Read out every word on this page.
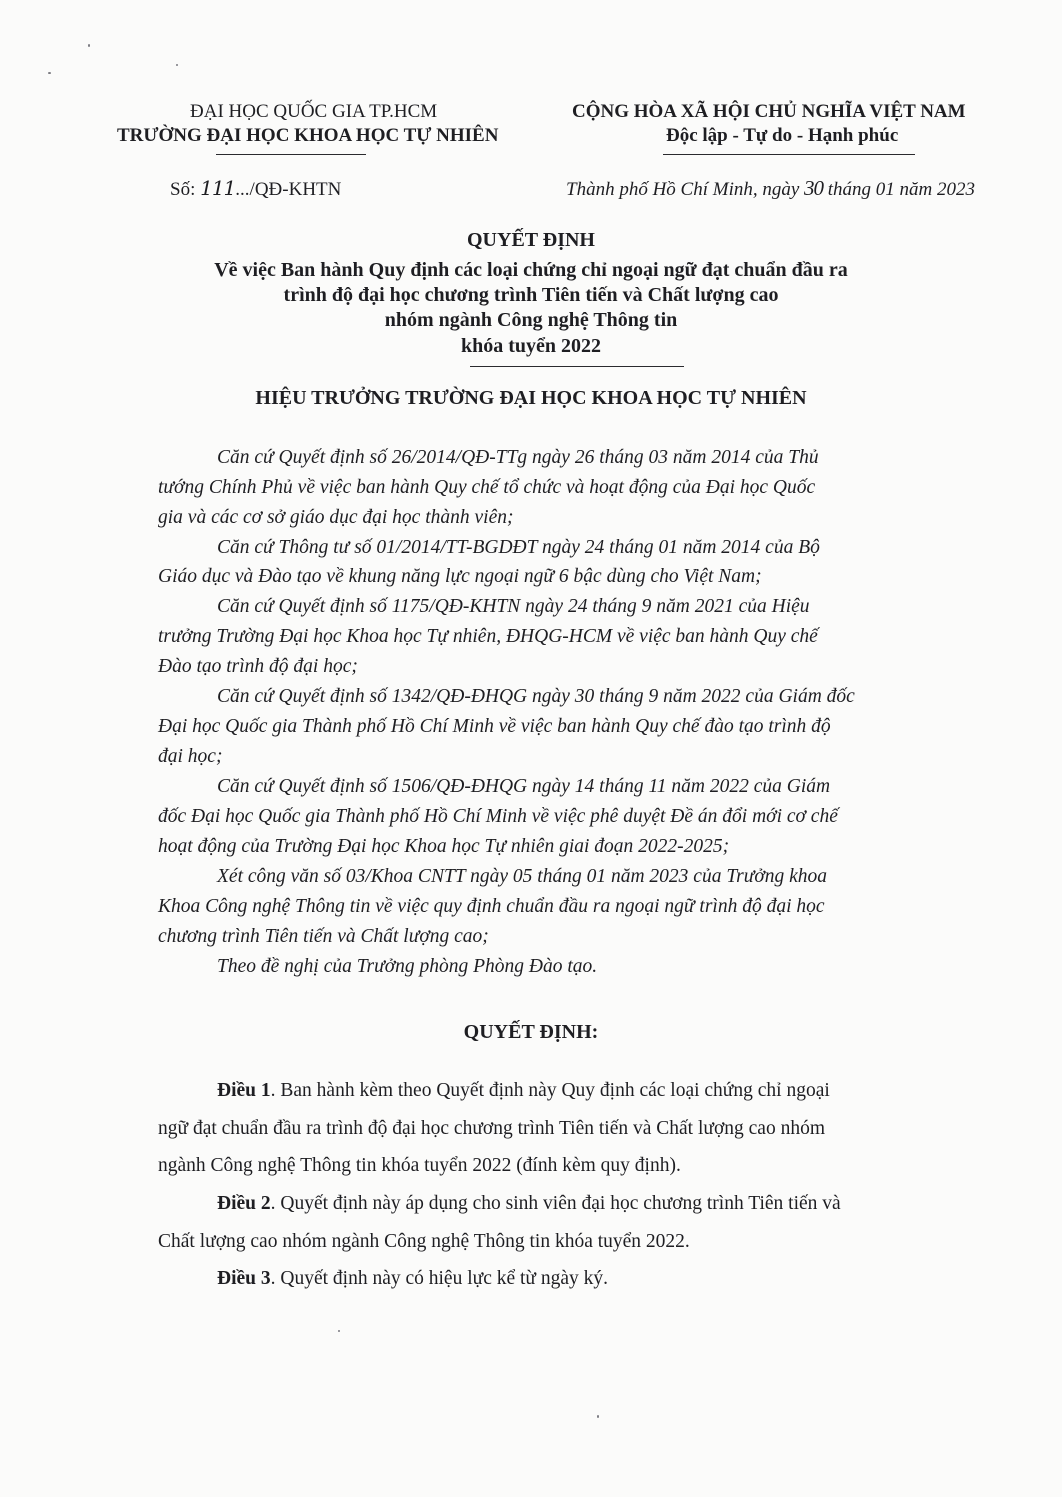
ĐẠI HỌC QUỐC GIA TP.HCM
TRƯỜNG ĐẠI HỌC KHOA HỌC TỰ NHIÊN
CỘNG HÒA XÃ HỘI CHỦ NGHĨA VIỆT NAM
Độc lập - Tự do - Hạnh phúc
Số: 111.../QĐ-KHTN	Thành phố Hồ Chí Minh, ngày 30 tháng 01 năm 2023
QUYẾT ĐỊNH
Về việc Ban hành Quy định các loại chứng chỉ ngoại ngữ đạt chuẩn đầu ra
trình độ đại học chương trình Tiên tiến và Chất lượng cao
nhóm ngành Công nghệ Thông tin
khóa tuyển 2022
HIỆU TRƯỞNG TRƯỜNG ĐẠI HỌC KHOA HỌC TỰ NHIÊN
Căn cứ Quyết định số 26/2014/QĐ-TTg ngày 26 tháng 03 năm 2014 của Thủ
tướng Chính Phủ về việc ban hành Quy chế tổ chức và hoạt động của Đại học Quốc
gia và các cơ sở giáo dục đại học thành viên;
Căn cứ Thông tư số 01/2014/TT-BGDĐT ngày 24 tháng 01 năm 2014 của Bộ
Giáo dục và Đào tạo về khung năng lực ngoại ngữ 6 bậc dùng cho Việt Nam;
Căn cứ Quyết định số 1175/QĐ-KHTN ngày 24 tháng 9 năm 2021 của Hiệu
trưởng Trường Đại học Khoa học Tự nhiên, ĐHQG-HCM về việc ban hành Quy chế
Đào tạo trình độ đại học;
Căn cứ Quyết định số 1342/QĐ-ĐHQG ngày 30 tháng 9 năm 2022 của Giám đốc
Đại học Quốc gia Thành phố Hồ Chí Minh về việc ban hành Quy chế đào tạo trình độ
đại học;
Căn cứ Quyết định số 1506/QĐ-ĐHQG ngày 14 tháng 11 năm 2022 của Giám
đốc Đại học Quốc gia Thành phố Hồ Chí Minh về việc phê duyệt Đề án đổi mới cơ chế
hoạt động của Trường Đại học Khoa học Tự nhiên giai đoạn 2022-2025;
Xét công văn số 03/Khoa CNTT ngày 05 tháng 01 năm 2023 của Trưởng khoa
Khoa Công nghệ Thông tin về việc quy định chuẩn đầu ra ngoại ngữ trình độ đại học
chương trình Tiên tiến và Chất lượng cao;
Theo đề nghị của Trưởng phòng Phòng Đào tạo.
QUYẾT ĐỊNH:
Điều 1. Ban hành kèm theo Quyết định này Quy định các loại chứng chỉ ngoại
ngữ đạt chuẩn đầu ra trình độ đại học chương trình Tiên tiến và Chất lượng cao nhóm
ngành Công nghệ Thông tin khóa tuyển 2022 (đính kèm quy định).
Điều 2. Quyết định này áp dụng cho sinh viên đại học chương trình Tiên tiến và
Chất lượng cao nhóm ngành Công nghệ Thông tin khóa tuyển 2022.
Điều 3. Quyết định này có hiệu lực kể từ ngày ký.
